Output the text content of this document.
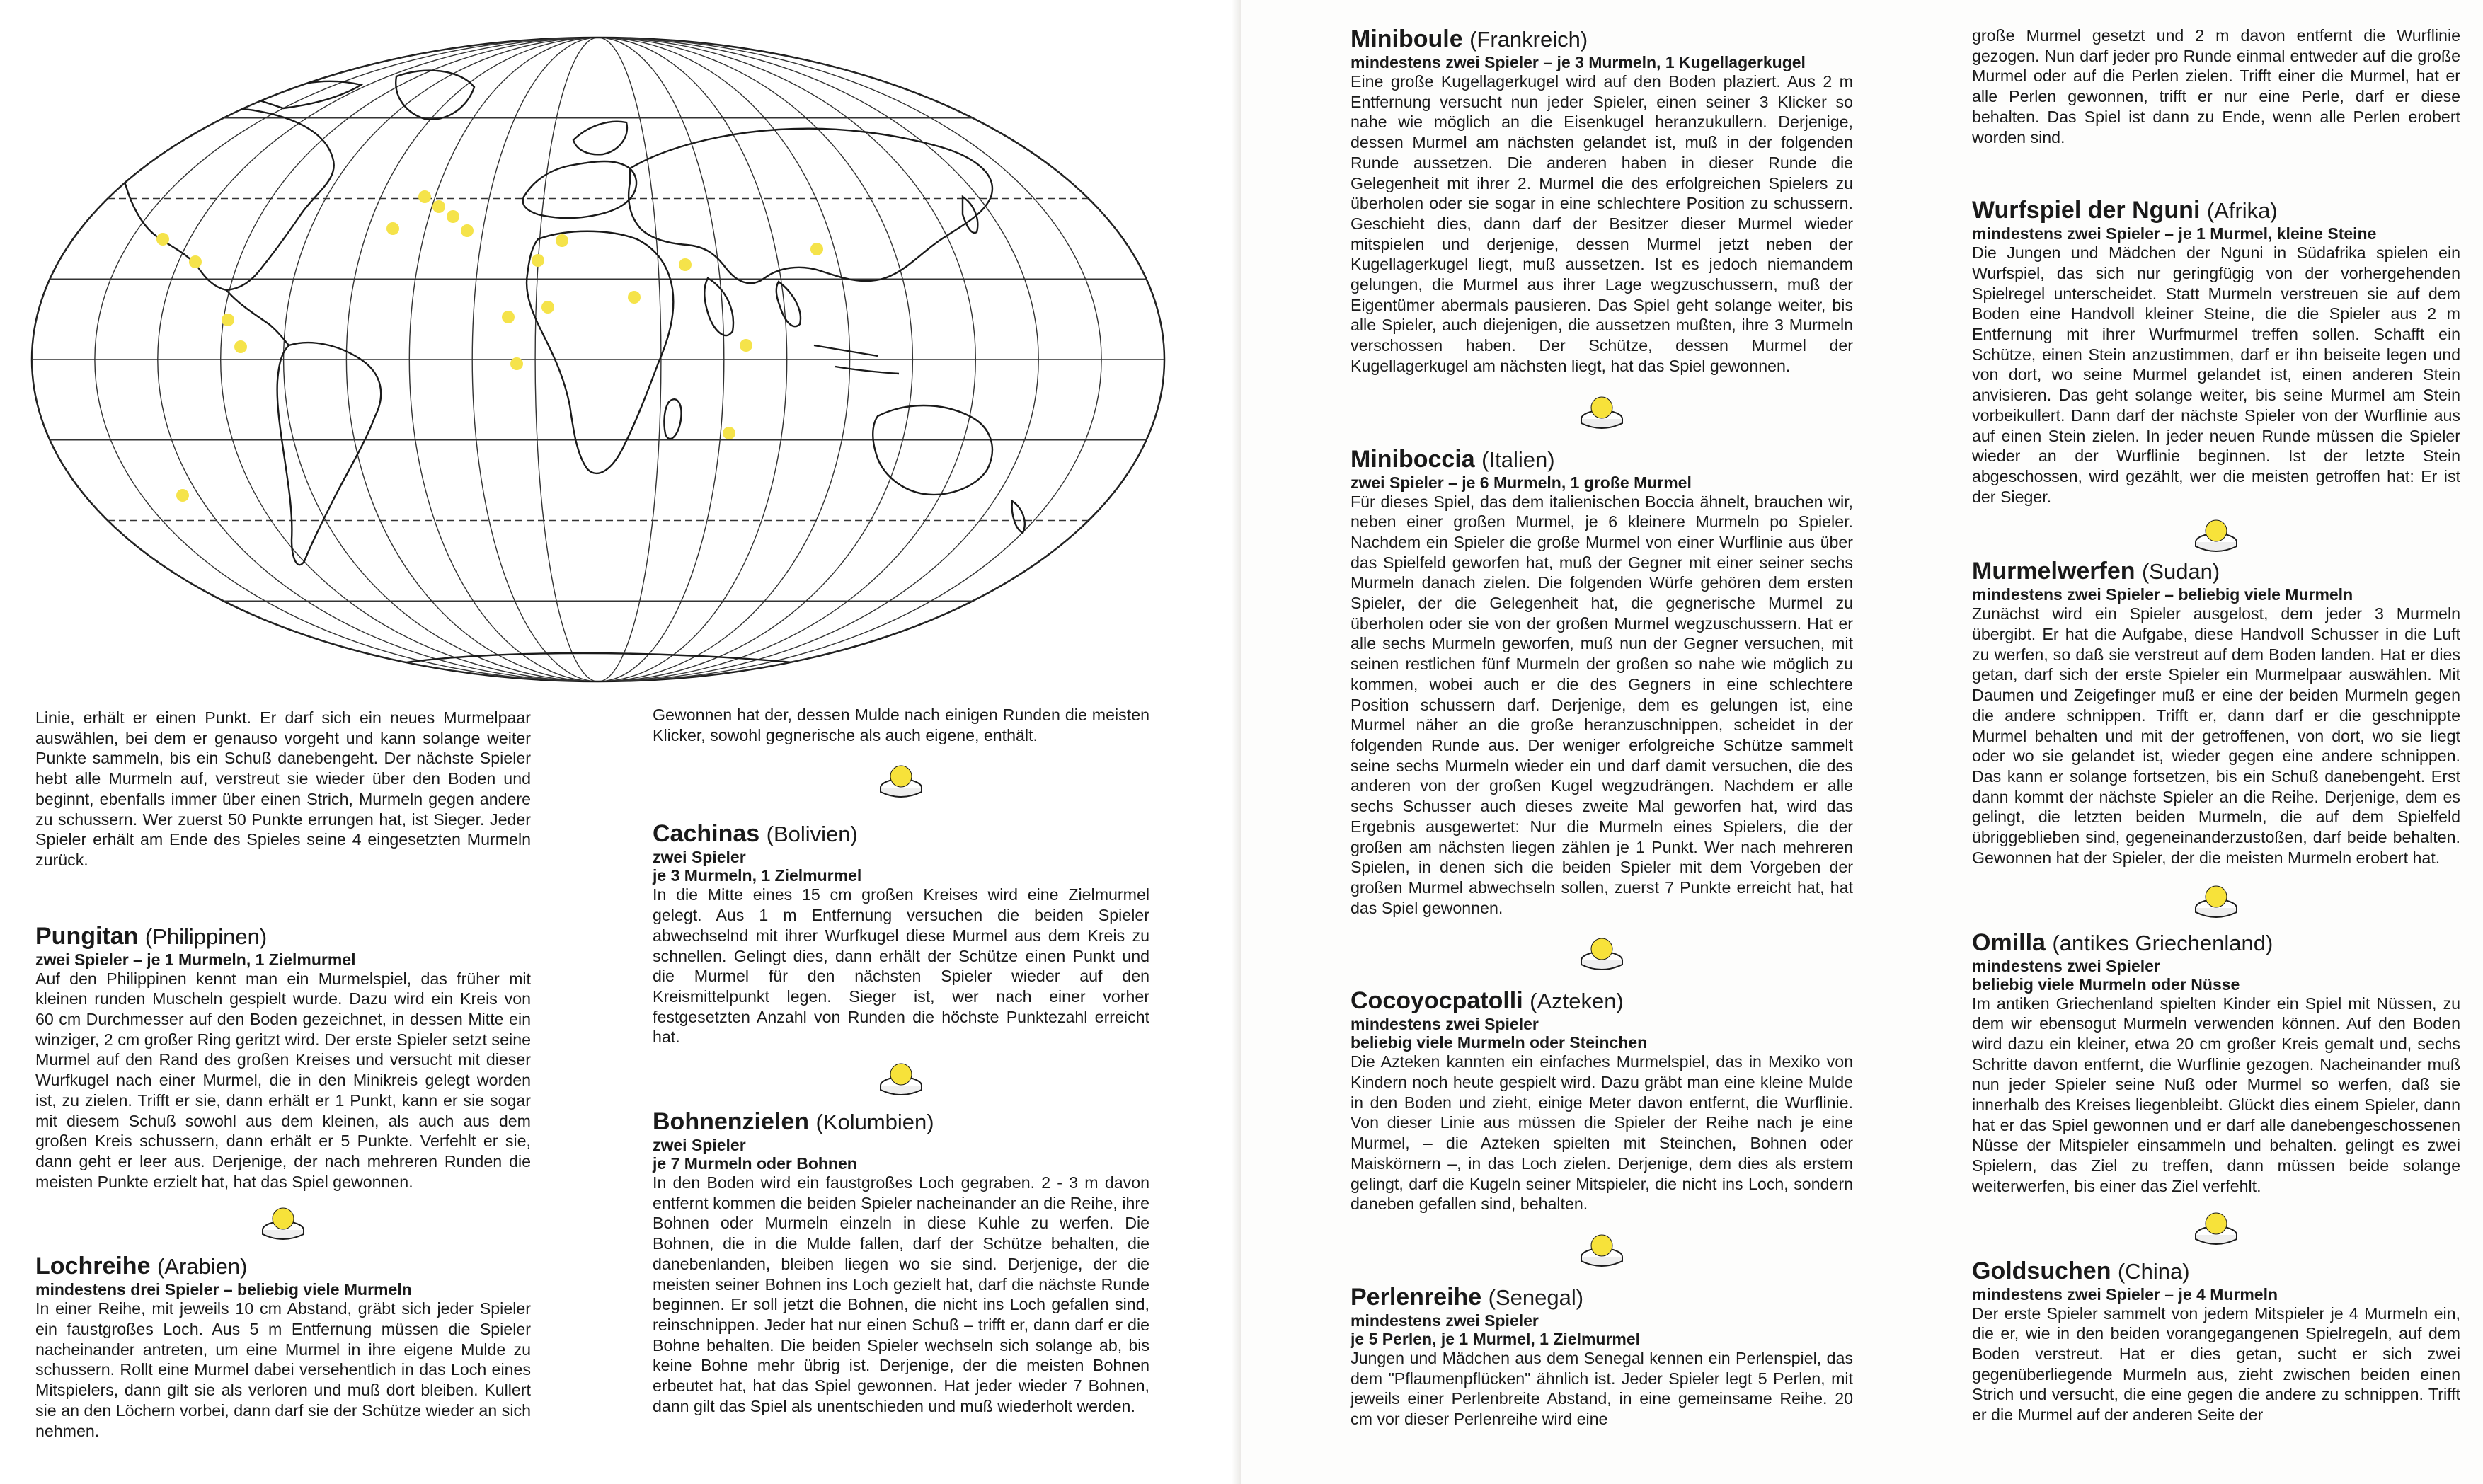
Linie, erhält er einen Punkt. Er darf sich ein neues Murmelpaar auswählen, bei dem er genauso vorgeht und kann solange weiter Punkte sammeln, bis ein Schuß danebengeht. Der nächste Spieler hebt alle Murmeln auf, verstreut sie wieder über den Boden und beginnt, ebenfalls immer über einen Strich, Murmeln gegen andere zu schussern. Wer zuerst 50 Punkte errungen hat, ist Sieger. Jeder Spieler erhält am Ende des Spieles seine 4 eingesetzten Murmeln zurück.

Pungitan (Philippinen)
zwei Spieler – je 1 Murmeln, 1 Zielmurmel

Auf den Philippinen kennt man ein Murmelspiel, das früher mit kleinen runden Muscheln gespielt wurde. Dazu wird ein Kreis von 60 cm Durchmesser auf den Boden gezeichnet, in dessen Mitte ein winziger, 2 cm großer Ring geritzt wird. Der erste Spieler setzt seine Murmel auf den Rand des großen Kreises und versucht mit dieser Wurfkugel nach einer Murmel, die in den Minikreis gelegt worden ist, zu zielen. Trifft er sie, dann erhält er 1 Punkt, kann er sie sogar mit diesem Schuß sowohl aus dem kleinen, als auch aus dem großen Kreis schussern, dann erhält er 5 Punkte. Verfehlt er sie, dann geht er leer aus. Derjenige, der nach mehreren Runden die meisten Punkte erzielt hat, hat das Spiel gewonnen.

Lochreihe (Arabien)
mindestens drei Spieler – beliebig viele Murmeln

In einer Reihe, mit jeweils 10 cm Abstand, gräbt sich jeder Spieler ein faustgroßes Loch. Aus 5 m Entfernung müssen die Spieler nacheinander antreten, um eine Murmel in ihre eigene Mulde zu schussern. Rollt eine Murmel dabei versehentlich in das Loch eines Mitspielers, dann gilt sie als verloren und muß dort bleiben. Kullert sie an den Löchern vorbei, dann darf sie der Schütze wieder an sich nehmen.

Gewonnen hat der, dessen Mulde nach einigen Runden die meisten Klicker, sowohl gegnerische als auch eigene, enthält.

Cachinas (Bolivien)
zwei Spieler
je 3 Murmeln, 1 Zielmurmel

In die Mitte eines 15 cm großen Kreises wird eine Zielmurmel gelegt. Aus 1 m Entfernung versuchen die beiden Spieler abwechselnd mit ihrer Wurfkugel diese Murmel aus dem Kreis zu schnellen. Gelingt dies, dann erhält der Schütze einen Punkt und die Murmel für den nächsten Spieler wieder auf den Kreismittelpunkt legen. Sieger ist, wer nach einer vorher festgesetzten Anzahl von Runden die höchste Punktezahl erreicht hat.

Bohnenzielen (Kolumbien)
zwei Spieler
je 7 Murmeln oder Bohnen

In den Boden wird ein faustgroßes Loch gegraben. 2 - 3 m davon entfernt kommen die beiden Spieler nacheinander an die Reihe, ihre Bohnen oder Murmeln einzeln in diese Kuhle zu werfen. Die Bohnen, die in die Mulde fallen, darf der Schütze behalten, die danebenlanden, bleiben liegen wo sie sind. Derjenige, der die meisten seiner Bohnen ins Loch gezielt hat, darf die nächste Runde beginnen. Er soll jetzt die Bohnen, die nicht ins Loch gefallen sind, reinschnippen. Jeder hat nur einen Schuß – trifft er, dann darf er die Bohne behalten. Die beiden Spieler wechseln sich solange ab, bis keine Bohne mehr übrig ist. Derjenige, der die meisten Bohnen erbeutet hat, hat das Spiel gewonnen. Hat jeder wieder 7 Bohnen, dann gilt das Spiel als unentschieden und muß wiederholt werden.

Miniboule (Frankreich)
mindestens zwei Spieler – je 3 Murmeln, 1 Kugellagerkugel

Eine große Kugellagerkugel wird auf den Boden plaziert. Aus 2 m Entfernung versucht nun jeder Spieler, einen seiner 3 Klicker so nahe wie möglich an die Eisenkugel heranzukullern. Derjenige, dessen Murmel am nächsten gelandet ist, muß in der folgenden Runde aussetzen. Die anderen haben in dieser Runde die Gelegenheit mit ihrer 2. Murmel die des erfolgreichen Spielers zu überholen oder sie sogar in eine schlechtere Position zu schussern. Geschieht dies, dann darf der Besitzer dieser Murmel wieder mitspielen und derjenige, dessen Murmel jetzt neben der Kugellagerkugel liegt, muß aussetzen. Ist es jedoch niemandem gelungen, die Murmel aus ihrer Lage wegzuschussern, muß der Eigentümer abermals pausieren. Das Spiel geht solange weiter, bis alle Spieler, auch diejenigen, die aussetzen mußten, ihre 3 Murmeln verschossen haben. Der Schütze, dessen Murmel der Kugellagerkugel am nächsten liegt, hat das Spiel gewonnen.

Miniboccia (Italien)
zwei Spieler – je 6 Murmeln, 1 große Murmel

Für dieses Spiel, das dem italienischen Boccia ähnelt, brauchen wir, neben einer großen Murmel, je 6 kleinere Murmeln po Spieler. Nachdem ein Spieler die große Murmel von einer Wurflinie aus über das Spielfeld geworfen hat, muß der Gegner mit einer seiner sechs Murmeln danach zielen. Die folgenden Würfe gehören dem ersten Spieler, der die Gelegenheit hat, die gegnerische Murmel zu überholen oder sie von der großen Murmel wegzuschussern. Hat er alle sechs Murmeln geworfen, muß nun der Gegner versuchen, mit seinen restlichen fünf Murmeln der großen so nahe wie möglich zu kommen, wobei auch er die des Gegners in eine schlechtere Position schussern darf. Derjenige, dem es gelungen ist, eine Murmel näher an die große heranzuschnippen, scheidet in der folgenden Runde aus. Der weniger erfolgreiche Schütze sammelt seine sechs Murmeln wieder ein und darf damit versuchen, die des anderen von der großen Kugel wegzudrängen. Nachdem er alle sechs Schusser auch dieses zweite Mal geworfen hat, wird das Ergebnis ausgewertet: Nur die Murmeln eines Spielers, die der großen am nächsten liegen zählen je 1 Punkt. Wer nach mehreren Spielen, in denen sich die beiden Spieler mit dem Vorgeben der großen Murmel abwechseln sollen, zuerst 7 Punkte erreicht hat, hat das Spiel gewonnen.

Cocoyocpatolli (Azteken)
mindestens zwei Spieler
beliebig viele Murmeln oder Steinchen

Die Azteken kannten ein einfaches Murmelspiel, das in Mexiko von Kindern noch heute gespielt wird. Dazu gräbt man eine kleine Mulde in den Boden und zieht, einige Meter davon entfernt, die Wurflinie. Von dieser Linie aus müssen die Spieler der Reihe nach je eine Murmel, – die Azteken spielten mit Steinchen, Bohnen oder Maiskörnern –, in das Loch zielen. Derjenige, dem dies als erstem gelingt, darf die Kugeln seiner Mitspieler, die nicht ins Loch, sondern daneben gefallen sind, behalten.

Perlenreihe (Senegal)
mindestens zwei Spieler
je 5 Perlen, je 1 Murmel, 1 Zielmurmel

Jungen und Mädchen aus dem Senegal kennen ein Perlenspiel, das dem "Pflaumenpflücken" ähnlich ist. Jeder Spieler legt 5 Perlen, mit jeweils einer Perlenbreite Abstand, in eine gemeinsame Reihe. 20 cm vor dieser Perlenreihe wird eine

große Murmel gesetzt und 2 m davon entfernt die Wurflinie gezogen. Nun darf jeder pro Runde einmal entweder auf die große Murmel oder auf die Perlen zielen. Trifft einer die Murmel, hat er alle Perlen gewonnen, trifft er nur eine Perle, darf er diese behalten. Das Spiel ist dann zu Ende, wenn alle Perlen erobert worden sind.

Wurfspiel der Nguni (Afrika)
mindestens zwei Spieler – je 1 Murmel, kleine Steine

Die Jungen und Mädchen der Nguni in Südafrika spielen ein Wurfspiel, das sich nur geringfügig von der vorhergehenden Spielregel unterscheidet. Statt Murmeln verstreuen sie auf dem Boden eine Handvoll kleiner Steine, die die Spieler aus 2 m Entfernung mit ihrer Wurfmurmel treffen sollen. Schafft ein Schütze, einen Stein anzustimmen, darf er ihn beiseite legen und von dort, wo seine Murmel gelandet ist, einen anderen Stein anvisieren. Das geht solange weiter, bis seine Murmel am Stein vorbeikullert. Dann darf der nächste Spieler von der Wurflinie aus auf einen Stein zielen. In jeder neuen Runde müssen die Spieler wieder an der Wurflinie beginnen. Ist der letzte Stein abgeschossen, wird gezählt, wer die meisten getroffen hat: Er ist der Sieger.

Murmelwerfen (Sudan)
mindestens zwei Spieler – beliebig viele Murmeln

Zunächst wird ein Spieler ausgelost, dem jeder 3 Murmeln übergibt. Er hat die Aufgabe, diese Handvoll Schusser in die Luft zu werfen, so daß sie verstreut auf dem Boden landen. Hat er dies getan, darf sich der erste Spieler ein Murmelpaar auswählen. Mit Daumen und Zeigefinger muß er eine der beiden Murmeln gegen die andere schnippen. Trifft er, dann darf er die geschnippte Murmel behalten und mit der getroffenen, von dort, wo sie liegt oder wo sie gelandet ist, wieder gegen eine andere schnippen. Das kann er solange fortsetzen, bis ein Schuß danebengeht. Erst dann kommt der nächste Spieler an die Reihe. Derjenige, dem es gelingt, die letzten beiden Murmeln, die auf dem Spielfeld übriggeblieben sind, gegeneinanderzustoßen, darf beide behalten. Gewonnen hat der Spieler, der die meisten Murmeln erobert hat.

Omilla (antikes Griechenland)
mindestens zwei Spieler
beliebig viele Murmeln oder Nüsse

Im antiken Griechenland spielten Kinder ein Spiel mit Nüssen, zu dem wir ebensogut Murmeln verwenden können. Auf den Boden wird dazu ein kleiner, etwa 20 cm großer Kreis gemalt und, sechs Schritte davon entfernt, die Wurflinie gezogen. Nacheinander muß nun jeder Spieler seine Nuß oder Murmel so werfen, daß sie innerhalb des Kreises liegenbleibt. Glückt dies einem Spieler, dann hat er das Spiel gewonnen und er darf alle danebengeschossenen Nüsse der Mitspieler einsammeln und behalten. gelingt es zwei Spielern, das Ziel zu treffen, dann müssen beide solange weiterwerfen, bis einer das Ziel verfehlt.

Goldsuchen (China)
mindestens zwei Spieler – je 4 Murmeln

Der erste Spieler sammelt von jedem Mitspieler je 4 Murmeln ein, die er, wie in den beiden vorangegangenen Spielregeln, auf dem Boden verstreut. Hat er dies getan, sucht er sich zwei gegenüberliegende Murmeln aus, zieht zwischen beiden einen Strich und versucht, die eine gegen die andere zu schnippen. Trifft er die Murmel auf der anderen Seite der
